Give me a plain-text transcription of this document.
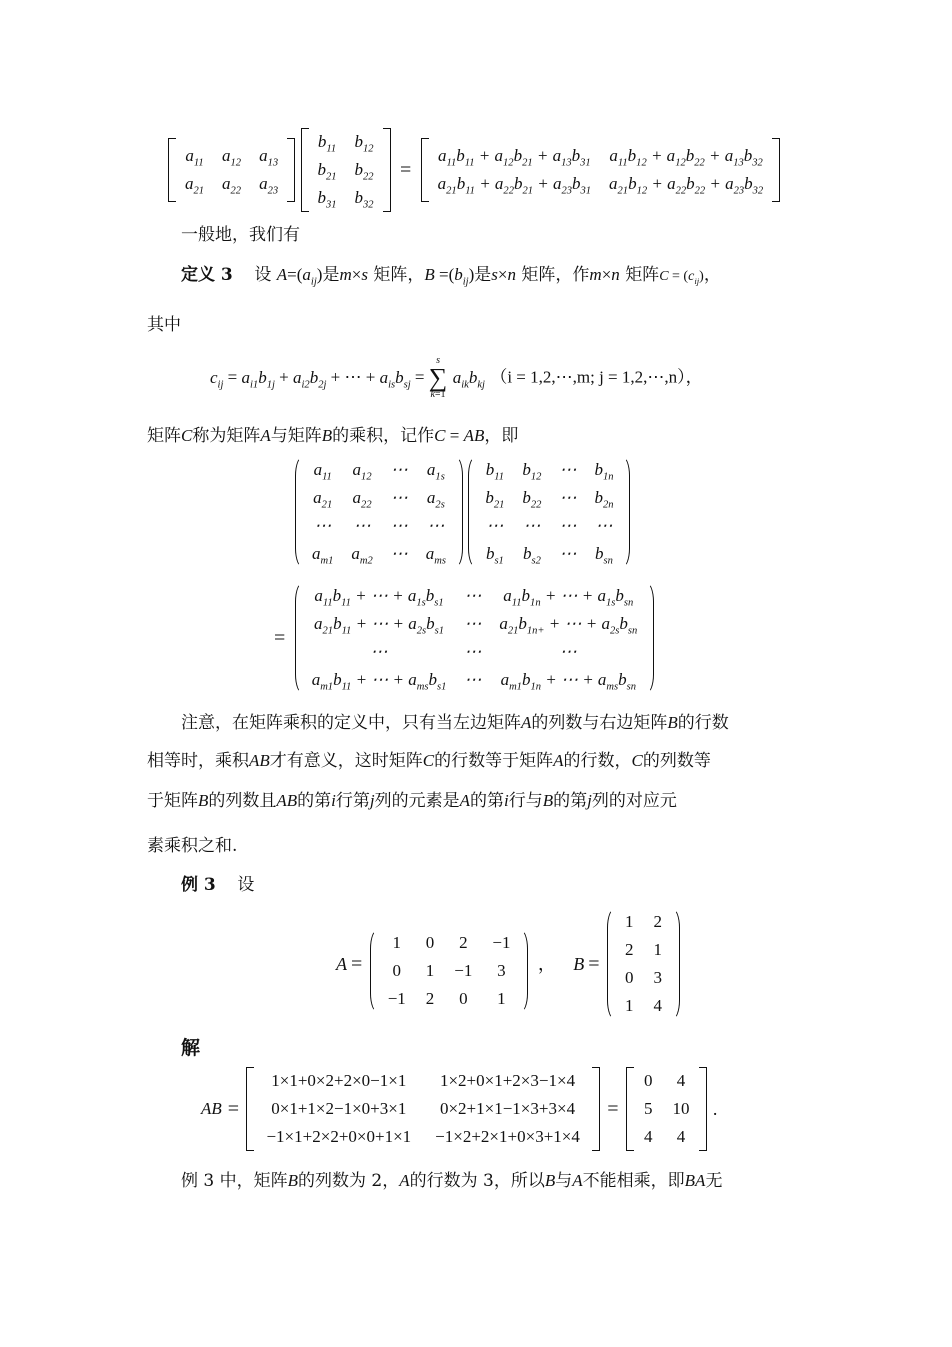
$a_{11}$	$a_{12}$	$a_{13}$
$a_{21}$	$a_{22}$	$a_{23}$

$b_{11}$	$b_{12}$
$b_{21}$	$b_{22}$
$b_{31}$	$b_{32}$
=
$a_{11}b_{11} + a_{12}b_{21} + a_{13}b_{31}$	$a_{11}b_{12} + a_{12}b_{22} + a_{13}b_{32}$
$a_{21}b_{11} + a_{22}b_{21} + a_{23}b_{31}$	$a_{21}b_{12} + a_{22}b_{22} + a_{23}b_{32}$
一般地，我们有
定义 3 设 $A=(a_{ij})$是m×s 矩阵，$B =(b_{ij})$是s×n 矩阵，作m×n 矩阵$C = (c_{ij})$，
其中
$c_{ij} = a_{i1}b_{1j} + a_{i2}b_{2j}$ + ⋯ + $a_{is}b_{sj}$ =
s
∑
k=1
$a_{ik}b_{kj}$ （i = 1,2,⋯,m; j = 1,2,⋯,n），
矩阵C称为矩阵A与矩阵B的乘积，记作C = AB，即
$a_{11}$	$a_{12}$	⋯	$a_{1s}$
$a_{21}$	$a_{22}$	⋯	$a_{2s}$
⋯	⋯	⋯	⋯
$a_{m1}$	$a_{m2}$	⋯	$a_{ms}$

$b_{11}$	$b_{12}$	⋯	$b_{1n}$
$b_{21}$	$b_{22}$	⋯	$b_{2n}$
⋯	⋯	⋯	⋯
$b_{s1}$	$b_{s2}$	⋯	$b_{sn}$
=
$a_{11}b_{11}$ + ⋯ + $a_{1s}b_{s1}$	⋯	$a_{11}b_{1n}$ + ⋯ + $a_{1s}b_{sn}$
$a_{21}b_{11}$ + ⋯ + $a_{2s}b_{s1}$	⋯	$a_{21}b_{1n+}$ + ⋯ + $a_{2s}b_{sn}$
⋯	⋯	⋯
$a_{m1}b_{11}$ + ⋯ + $a_{ms}b_{s1}$	⋯	$a_{m1}b_{1n}$ + ⋯ + $a_{ms}b_{sn}$
注意，在矩阵乘积的定义中，只有当左边矩阵A的列数与右边矩阵B的行数
相等时，乘积AB才有意义，这时矩阵C的行数等于矩阵A的行数，C的列数等
于矩阵B的列数且AB的第i行第j列的元素是A的第i行与B的第j列的对应元
素乘积之和.
例 3 设
A =
1	0	2	−1
0	1	−1	3
−1	2	0	1
， B =
1	2
2	1
0	3
1	4
解
AB =
1×1+0×2+2×0−1×1	1×2+0×1+2×3−1×4
0×1+1×2−1×0+3×1	0×2+1×1−1×3+3×4
−1×1+2×2+0×0+1×1	−1×2+2×1+0×3+1×4
=
0	4
5	10
4	4
.
例 3 中，矩阵B的列数为 2，A的行数为 3，所以B与A不能相乘，即BA无
